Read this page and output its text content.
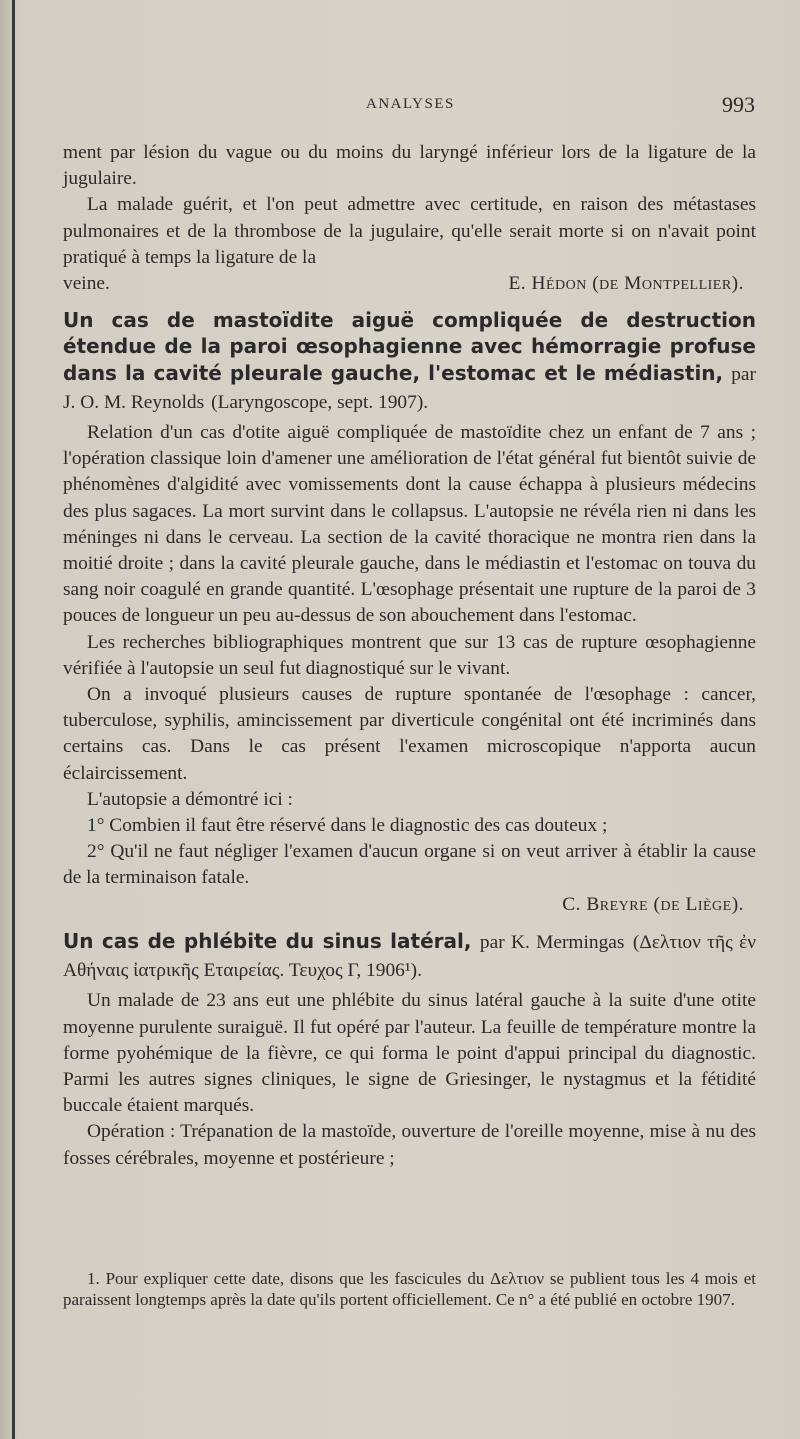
ANALYSES	993

ment par lésion du vague ou du moins du laryngé inférieur lors de la ligature de la jugulaire.

La malade guérit, et l'on peut admettre avec certitude, en raison des métastases pulmonaires et de la thrombose de la jugulaire, qu'elle serait morte si on n'avait point pratiqué à temps la ligature de la

veine.	E. Hédon (de Montpellier).

Un cas de mastoïdite aiguë compliquée de destruction étendue de la paroi œsophagienne avec hémorragie profuse dans la cavité pleurale gauche, l'estomac et le médiastin, par J. O. M. Reynolds (Laryngoscope, sept. 1907).

Relation d'un cas d'otite aiguë compliquée de mastoïdite chez un enfant de 7 ans ; l'opération classique loin d'amener une amélioration de l'état général fut bientôt suivie de phénomènes d'algidité avec vomissements dont la cause échappa à plusieurs médecins des plus sagaces. La mort survint dans le collapsus. L'autopsie ne révéla rien ni dans les méninges ni dans le cerveau. La section de la cavité thoracique ne montra rien dans la moitié droite ; dans la cavité pleurale gauche, dans le médiastin et l'estomac on touva du sang noir coagulé en grande quantité. L'œsophage présentait une rupture de la paroi de 3 pouces de longueur un peu au-dessus de son abouchement dans l'estomac.

Les recherches bibliographiques montrent que sur 13 cas de rupture œsophagienne vérifiée à l'autopsie un seul fut diagnostiqué sur le vivant.

On a invoqué plusieurs causes de rupture spontanée de l'œsophage : cancer, tuberculose, syphilis, amincissement par diverticule congénital ont été incriminés dans certains cas. Dans le cas présent l'examen microscopique n'apporta aucun éclaircissement.

L'autopsie a démontré ici :

1° Combien il faut être réservé dans le diagnostic des cas douteux ;

2° Qu'il ne faut négliger l'examen d'aucun organe si on veut arriver à établir la cause de la terminaison fatale.

C. Breyre (de Liège).

Un cas de phlébite du sinus latéral, par K. Mermingas (Δελτιον τῆς ἐν Αθήναις ἰατρικῆς Εταιρείας. Τευχος Γ, 1906¹).

Un malade de 23 ans eut une phlébite du sinus latéral gauche à la suite d'une otite moyenne purulente suraiguë. Il fut opéré par l'auteur. La feuille de température montre la forme pyohémique de la fièvre, ce qui forma le point d'appui principal du diagnostic. Parmi les autres signes cliniques, le signe de Griesinger, le nystagmus et la fétidité buccale étaient marqués.

Opération : Trépanation de la mastoïde, ouverture de l'oreille moyenne, mise à nu des fosses cérébrales, moyenne et postérieure ;

1. Pour expliquer cette date, disons que les fascicules du Δελτιον se publient tous les 4 mois et paraissent longtemps après la date qu'ils portent officiellement. Ce n° a été publié en octobre 1907.
